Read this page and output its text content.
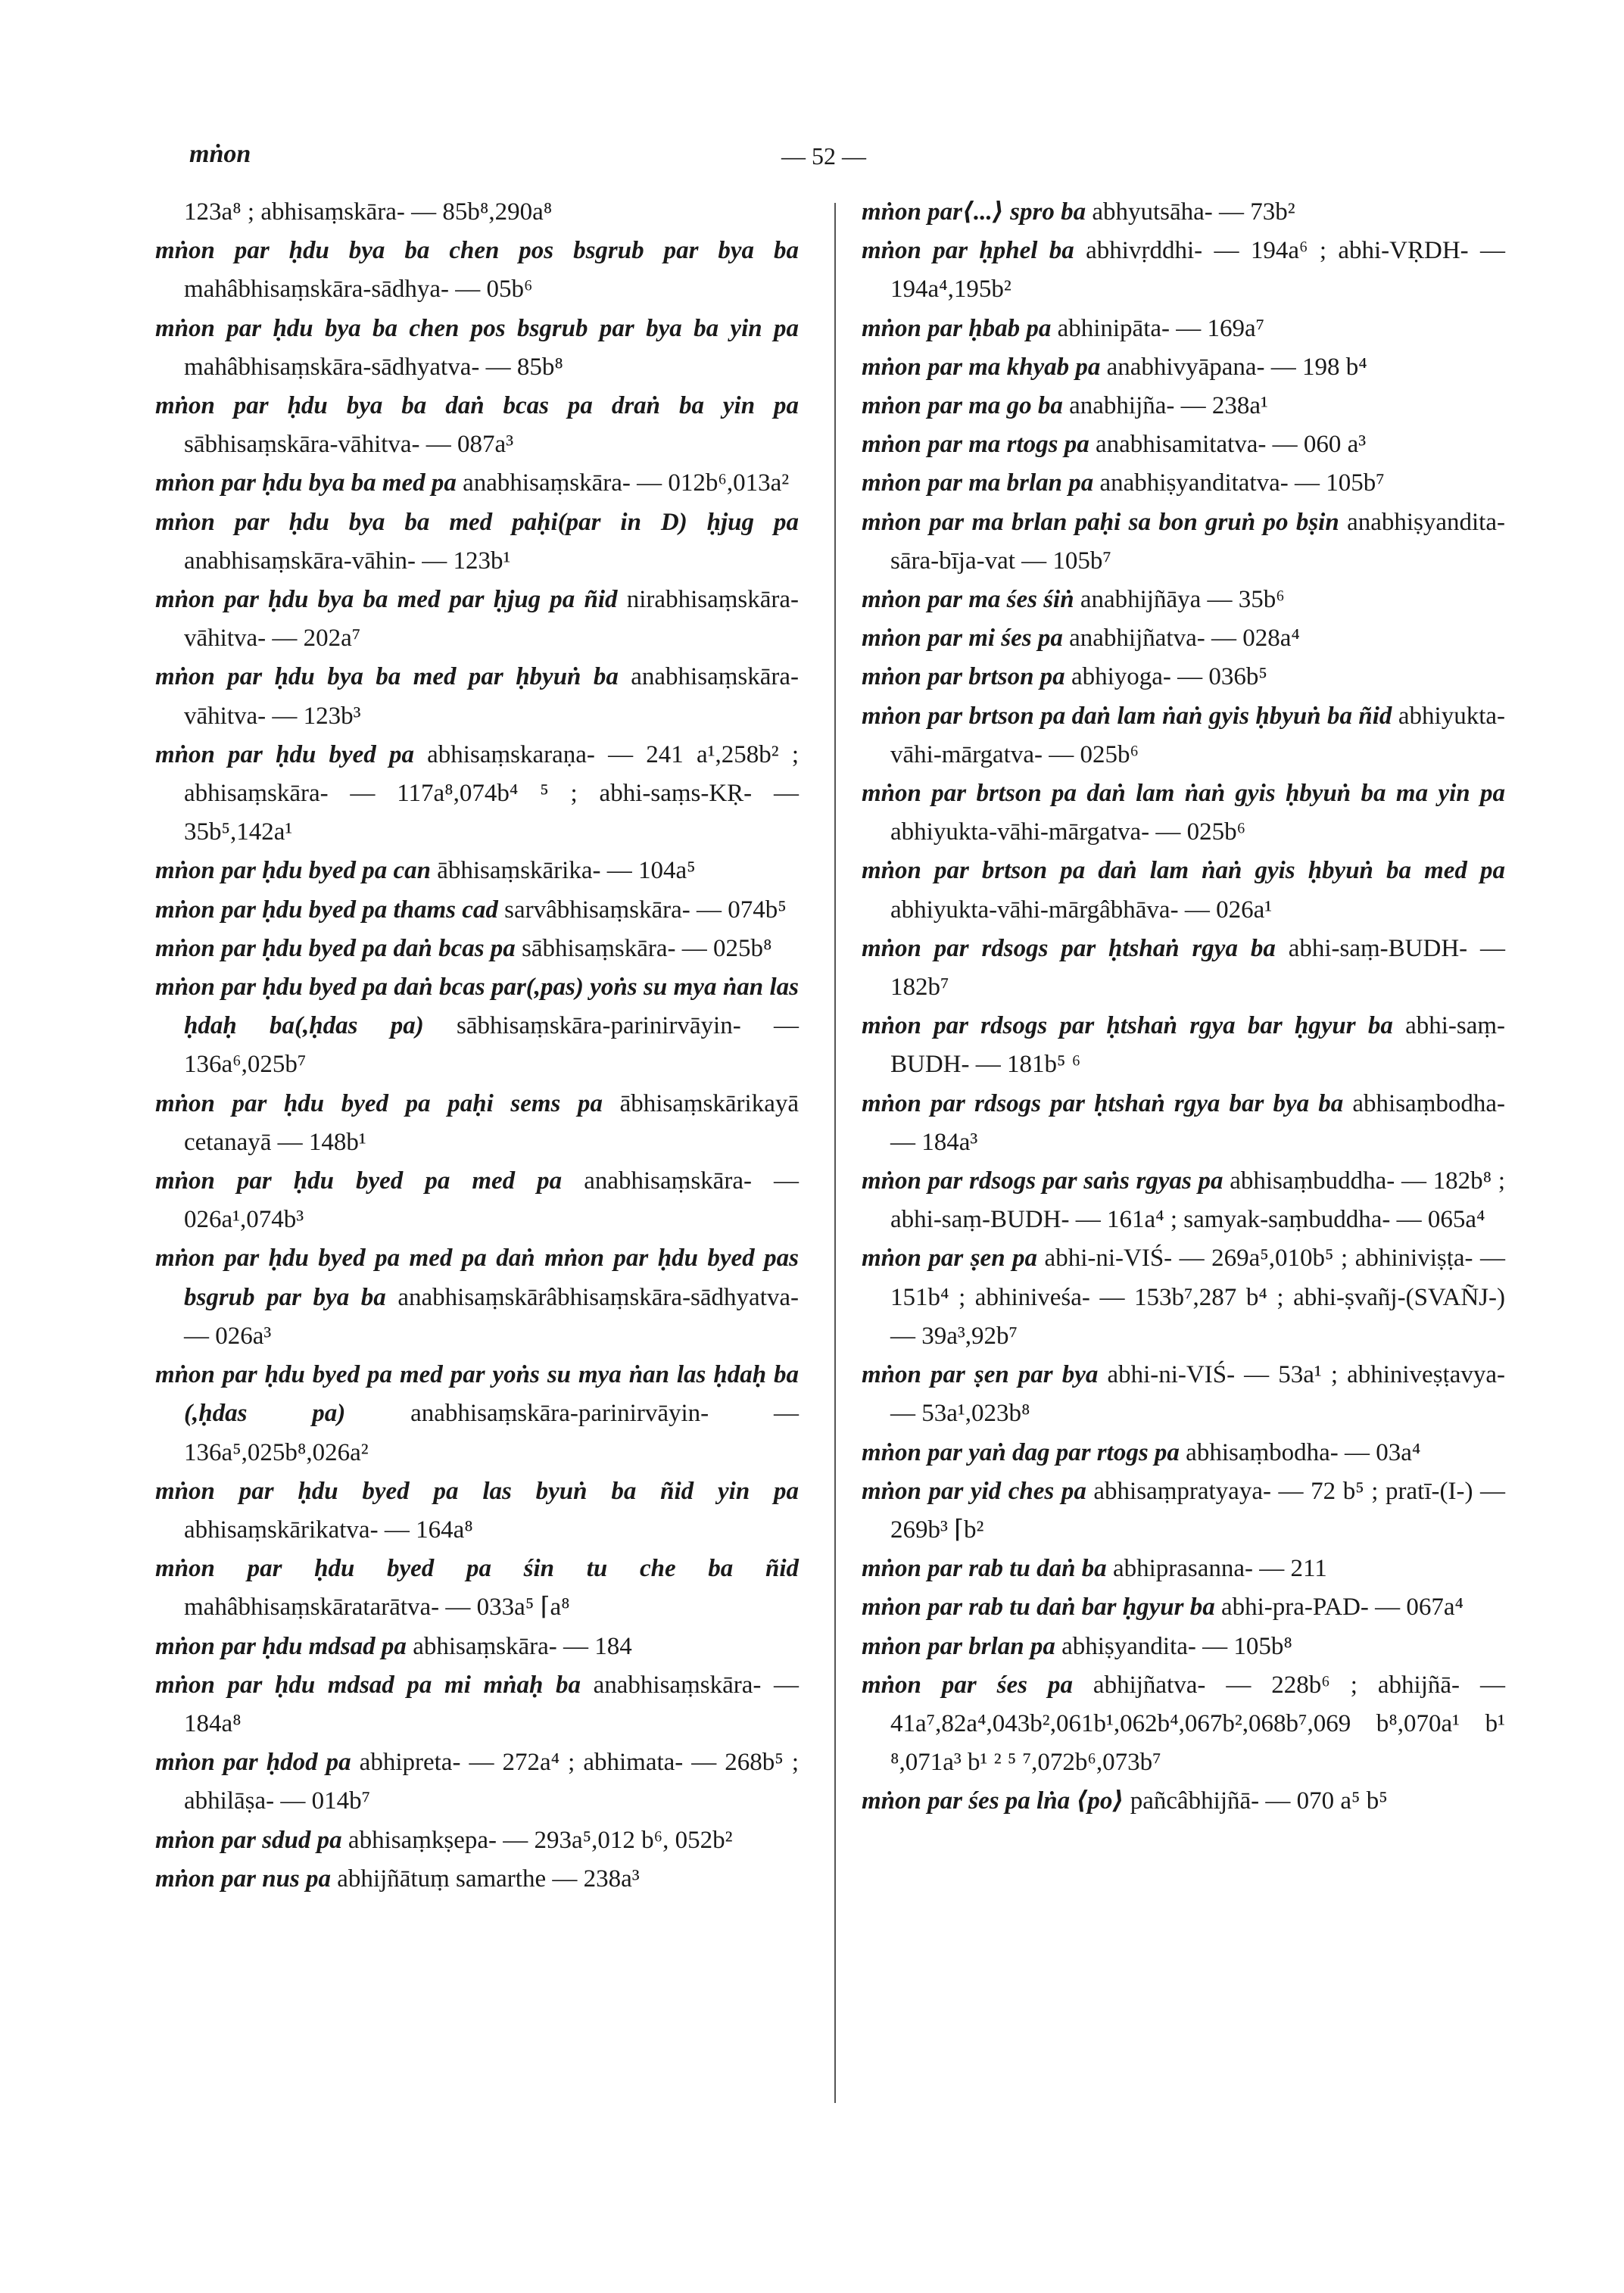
mṅon	— 52 —

123a⁸ ; abhisaṃskāra- — 85b⁸,290a⁸

mṅon par ḥdu bya ba chen pos bsgrub par bya ba mahâbhisaṃskāra-sādhya- — 05b⁶

mṅon par ḥdu bya ba chen pos bsgrub par bya ba yin pa mahâbhisaṃskāra-sādhyatva- — 85b⁸

mṅon par ḥdu bya ba daṅ bcas pa draṅ ba yin pa sābhisaṃskāra-vāhitva- — 087a³

mṅon par ḥdu bya ba med pa anabhisaṃskāra- — 012b⁶,013a²

mṅon par ḥdu bya ba med paḥi(par in D) ḥjug pa anabhisaṃskāra-vāhin- — 123b¹

mṅon par ḥdu bya ba med par ḥjug pa ñid nirabhisaṃskāra-vāhitva- — 202a⁷

mṅon par ḥdu bya ba med par ḥbyuṅ ba anabhisaṃskāra-vāhitva- — 123b³

mṅon par ḥdu byed pa abhisaṃskaraṇa- — 241 a¹,258b² ; abhisaṃskāra- — 117a⁸,074b⁴ ⁵ ; abhi-saṃs-KṚ- — 35b⁵,142a¹

mṅon par ḥdu byed pa can ābhisaṃskārika- — 104a⁵

mṅon par ḥdu byed pa thams cad sarvâbhisaṃskāra- — 074b⁵

mṅon par ḥdu byed pa daṅ bcas pa sābhisaṃskāra- — 025b⁸

mṅon par ḥdu byed pa daṅ bcas par(,pas) yoṅs su mya ṅan las ḥdaḥ ba(,ḥdas pa) sābhisaṃskāra-parinirvāyin- — 136a⁶,025b⁷

mṅon par ḥdu byed pa paḥi sems pa ābhisaṃskārikayā cetanayā — 148b¹

mṅon par ḥdu byed pa med pa anabhisaṃskāra- — 026a¹,074b³

mṅon par ḥdu byed pa med pa daṅ mṅon par ḥdu byed pas bsgrub par bya ba anabhisaṃskārâbhisaṃskāra-sādhyatva- — 026a³

mṅon par ḥdu byed pa med par yoṅs su mya ṅan las ḥdaḥ ba (,ḥdas pa)	anabhisaṃskāra-parinirvāyin- — 136a⁵,025b⁸,026a²

mṅon par ḥdu byed pa las byuṅ ba ñid yin pa abhisaṃskārikatva- — 164a⁸

mṅon par ḥdu byed pa śin tu che ba ñid mahâbhisaṃskāratarātva- — 033a⁵ ⌈a⁸

mṅon par ḥdu mdsad pa abhisaṃskāra- — 184

mṅon par ḥdu mdsad pa mi mṅaḥ ba anabhisaṃskāra- — 184a⁸

mṅon par ḥdod pa abhipreta- — 272a⁴ ; abhimata- — 268b⁵ ; abhilāṣa- — 014b⁷

mṅon par sdud pa abhisaṃkṣepa- — 293a⁵,012 b⁶, 052b²

mṅon par nus pa abhijñātuṃ samarthe — 238a³

mṅon par⟨...⟩ spro ba abhyutsāha- — 73b²

mṅon par ḥphel ba abhivṛddhi- — 194a⁶ ; abhi-VṚDH- — 194a⁴,195b²

mṅon par ḥbab pa abhinipāta- — 169a⁷

mṅon par ma khyab pa anabhivyāpana- — 198 b⁴

mṅon par ma go ba anabhijña- — 238a¹

mṅon par ma rtogs pa anabhisamitatva- — 060 a³

mṅon par ma brlan pa anabhiṣyanditatva- — 105b⁷

mṅon par ma brlan paḥi sa bon gruṅ po bṣin anabhiṣyandita-sāra-bīja-vat — 105b⁷

mṅon par ma śes śiṅ anabhijñāya — 35b⁶

mṅon par mi śes pa anabhijñatva- — 028a⁴

mṅon par brtson pa abhiyoga- — 036b⁵

mṅon par brtson pa daṅ lam ṅaṅ gyis ḥbyuṅ ba ñid abhiyukta-vāhi-mārgatva- — 025b⁶

mṅon par brtson pa daṅ lam ṅaṅ gyis ḥbyuṅ ba ma yin pa abhiyukta-vāhi-mārgatva- — 025b⁶

mṅon par brtson pa daṅ lam ṅaṅ gyis ḥbyuṅ ba med pa abhiyukta-vāhi-mārgâbhāva- — 026a¹

mṅon par rdsogs par ḥtshaṅ rgya ba abhi-saṃ-BUDH- — 182b⁷

mṅon par rdsogs par ḥtshaṅ rgya bar ḥgyur ba abhi-saṃ-BUDH- — 181b⁵ ⁶

mṅon par rdsogs par ḥtshaṅ rgya bar bya ba abhisaṃbodha- — 184a³

mṅon par rdsogs par saṅs rgyas pa abhisaṃbuddha- — 182b⁸ ; abhi-saṃ-BUDH- — 161a⁴ ; samyak-saṃbuddha- — 065a⁴

mṅon par ṣen pa abhi-ni-VIŚ- — 269a⁵,010b⁵ ; abhiniviṣṭa- — 151b⁴ ; abhiniveśa- — 153b⁷,287 b⁴ ; abhi-ṣvañj-(SVAÑJ-) — 39a³,92b⁷

mṅon par ṣen par bya abhi-ni-VIŚ- — 53a¹ ; abhiniveṣṭavya- — 53a¹,023b⁸

mṅon par yaṅ dag par rtogs pa abhisaṃbodha- — 03a⁴

mṅon par yid ches pa abhisaṃpratyaya- — 72 b⁵ ; pratī-(I-) — 269b³ ⌈b²

mṅon par rab tu daṅ ba abhiprasanna- — 211

mṅon par rab tu daṅ bar ḥgyur ba abhi-pra-PAD- — 067a⁴

mṅon par brlan pa abhiṣyandita- — 105b⁸

mṅon par śes pa abhijñatva- — 228b⁶ ; abhijñā- — 41a⁷,82a⁴,043b²,061b¹,062b⁴,067b²,068b⁷,069 b⁸,070a¹ b¹ ⁸,071a³ b¹ ² ⁵ ⁷,072b⁶,073b⁷

mṅon par śes pa lṅa ⟨po⟩ pañcâbhijñā- — 070 a⁵ b⁵
